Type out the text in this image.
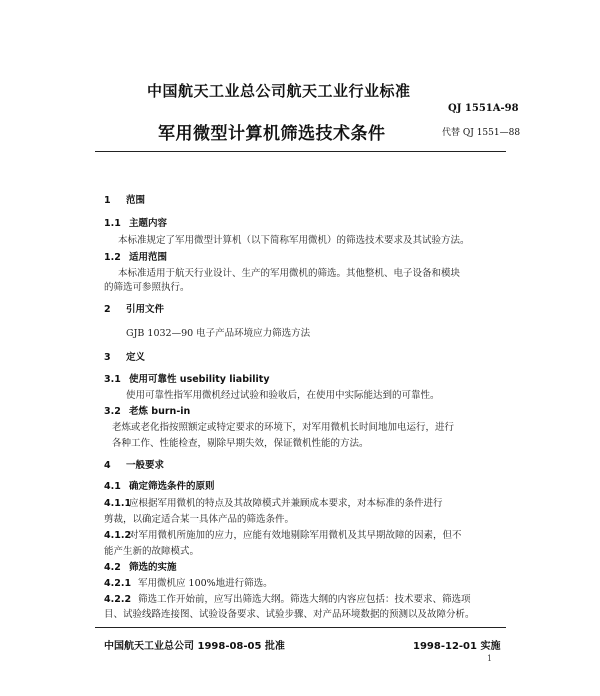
中国航天工业总公司航天工业行业标准
QJ 1551A-98
军用微型计算机筛选技术条件	代替 QJ 1551—88
1 范围
1.1 主题内容
本标准规定了军用微型计算机（以下简称军用微机）的筛选技术要求及其试验方法。
1.2 适用范围
本标准适用于航天行业设计、生产的军用微机的筛选。其他整机、电子设备和模块
的筛选可参照执行。
2 引用文件
GJB 1032—90 电子产品环境应力筛选方法
3 定义
3.1 使用可靠性 usebility liability
使用可靠性指军用微机经过试验和验收后，在使用中实际能达到的可靠性。
3.2 老炼 burn-in
老炼或老化指按照额定或特定要求的环境下，对军用微机长时间地加电运行，进行
各种工作、性能检查，剔除早期失效，保证微机性能的方法。
4 一般要求
4.1 确定筛选条件的原则
4.1.1应根据军用微机的特点及其故障模式并兼顾成本要求，对本标准的条件进行
剪裁，以确定适合某一具体产品的筛选条件。
4.1.2对军用微机所施加的应力，应能有效地剔除军用微机及其早期故障的因素，但不
能产生新的故障模式。
4.2 筛选的实施
4.2.1 军用微机应 100%地进行筛选。
4.2.2 筛选工作开始前，应写出筛选大纲。筛选大纲的内容应包括：技术要求、筛选项
目、试验线路连接图、试验设备要求、试验步骤、对产品环境数据的预测以及故障分析。
中国航天工业总公司 1998-08-05 批准	1998-12-01 实施
1
